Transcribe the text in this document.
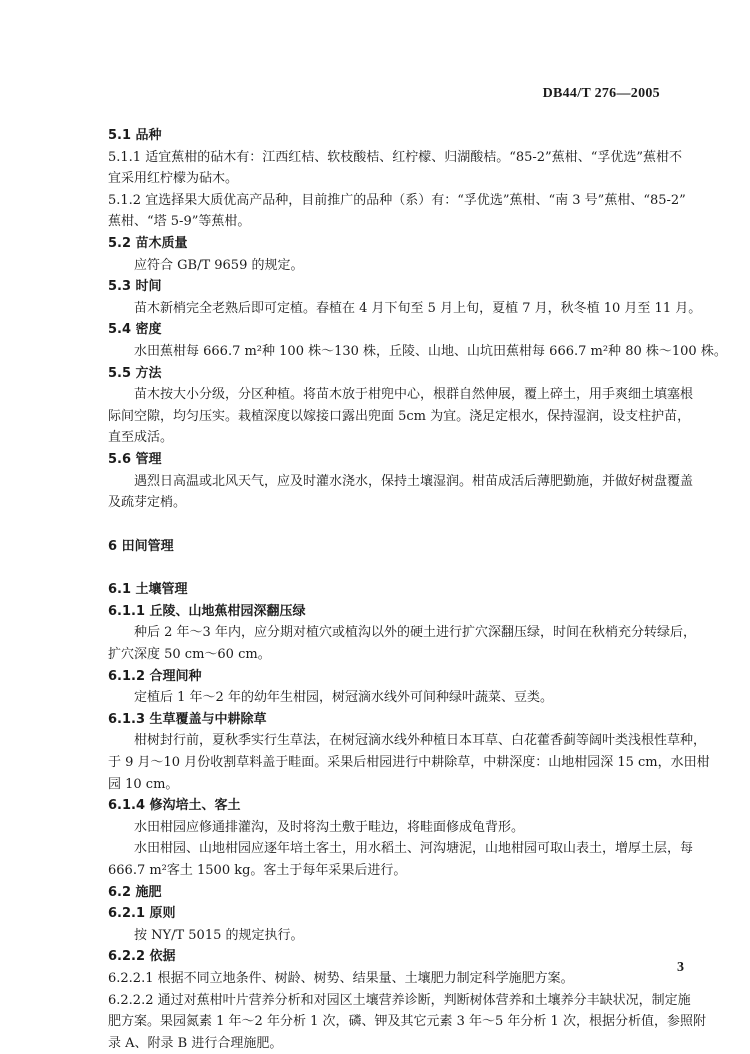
DB44/T 276—2005
5.1 品种
5.1.1 适宜蕉柑的砧木有：江西红桔、软枝酸桔、红柠檬、归湖酸桔。“85-2”蕉柑、“孚优选”蕉柑不
宜采用红柠檬为砧木。
5.1.2 宜选择果大质优高产品种，目前推广的品种（系）有：“孚优选”蕉柑、“南 3 号”蕉柑、“85-2”
蕉柑、“塔 5-9”等蕉柑。
5.2 苗木质量
应符合 GB/T 9659 的规定。
5.3 时间
苗木新梢完全老熟后即可定植。春植在 4 月下旬至 5 月上旬，夏植 7 月，秋冬植 10 月至 11 月。
5.4 密度
水田蕉柑每 666.7 m²种 100 株～130 株，丘陵、山地、山坑田蕉柑每 666.7 m²种 80 株～100 株。
5.5 方法
苗木按大小分级，分区种植。将苗木放于柑兜中心，根群自然伸展，覆上碎土，用手爽细土填塞根
际间空隙，均匀压实。栽植深度以嫁接口露出兜面 5cm 为宜。浇足定根水，保持湿润，设支柱护苗，
直至成活。
5.6 管理
遇烈日高温或北风天气，应及时灌水浇水，保持土壤湿润。柑苗成活后薄肥勤施，并做好树盘覆盖
及疏芽定梢。
6 田间管理
6.1 土壤管理
6.1.1 丘陵、山地蕉柑园深翻压绿
种后 2 年～3 年内，应分期对植穴或植沟以外的硬土进行扩穴深翻压绿，时间在秋梢充分转绿后，
扩穴深度 50 cm～60 cm。
6.1.2 合理间种
定植后 1 年～2 年的幼年生柑园，树冠滴水线外可间种绿叶蔬菜、豆类。
6.1.3 生草覆盖与中耕除草
柑树封行前，夏秋季实行生草法，在树冠滴水线外种植日本耳草、白花藿香蓟等阔叶类浅根性草种，
于 9 月～10 月份收割草料盖于畦面。采果后柑园进行中耕除草，中耕深度：山地柑园深 15 cm，水田柑
园 10 cm。
6.1.4 修沟培土、客土
水田柑园应修通排灌沟，及时将沟土敷于畦边，将畦面修成龟背形。
水田柑园、山地柑园应逐年培土客土，用水稻土、河沟塘泥，山地柑园可取山表土，增厚土层，每
666.7 m²客土 1500 kg。客土于每年采果后进行。
6.2 施肥
6.2.1 原则
按 NY/T 5015 的规定执行。
6.2.2 依据
6.2.2.1 根据不同立地条件、树龄、树势、结果量、土壤肥力制定科学施肥方案。
6.2.2.2 通过对蕉柑叶片营养分析和对园区土壤营养诊断，判断树体营养和土壤养分丰缺状况，制定施
肥方案。果园氮素 1 年～2 年分析 1 次，磷、钾及其它元素 3 年～5 年分析 1 次，根据分析值，参照附
录 A、附录 B 进行合理施肥。
3
